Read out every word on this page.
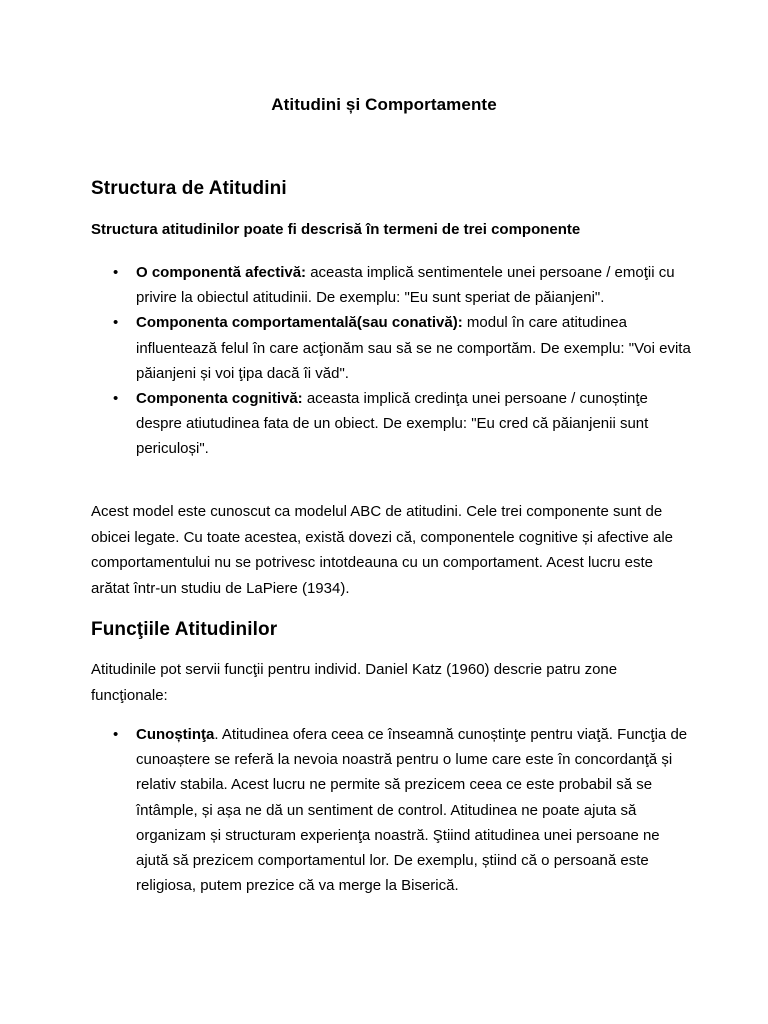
Atitudini și Comportamente
Structura de Atitudini
Structura atitudinilor poate fi descrisă în termeni de trei componente
• O componentă afectivă: aceasta implică sentimentele unei persoane / emoţii cu privire la obiectul atitudinii. De exemplu: "Eu sunt speriat de păianjeni".
• Componenta comportamentală(sau conativă): modul în care atitudinea influentează felul în care acţionăm sau să se ne comportăm. De exemplu: "Voi evita păianjeni și voi ţipa dacă îi văd".
• Componenta cognitivă: aceasta implică credinţa unei persoane / cunoștinţe despre atiutudinea fata de un obiect. De exemplu: "Eu cred că păianjenii sunt periculoși".
Acest model este cunoscut ca modelul ABC de atitudini. Cele trei componente sunt de obicei legate. Cu toate acestea, există dovezi că, componentele cognitive și afective ale comportamentului nu se potrivesc intotdeauna cu un comportament. Acest lucru este arătat într-un studiu de LaPiere (1934).
Funcţiile Atitudinilor
Atitudinile pot servii funcţii pentru individ. Daniel Katz (1960) descrie patru zone funcţionale:
• Cunoștinţa. Atitudinea ofera ceea ce înseamnă cunoștinţe pentru viaţă. Funcţia de cunoaștere se referă la nevoia noastră pentru o lume care este în concordanţă și relativ stabila. Acest lucru ne permite să prezicem ceea ce este probabil să se întâmple, și așa ne dă un sentiment de control. Atitudinea ne poate ajuta să organizam și structuram experienţa noastră. Ştiind atitudinea unei persoane ne ajută să prezicem comportamentul lor. De exemplu, știind că o persoană este religiosa, putem prezice că va merge la Biserică.
